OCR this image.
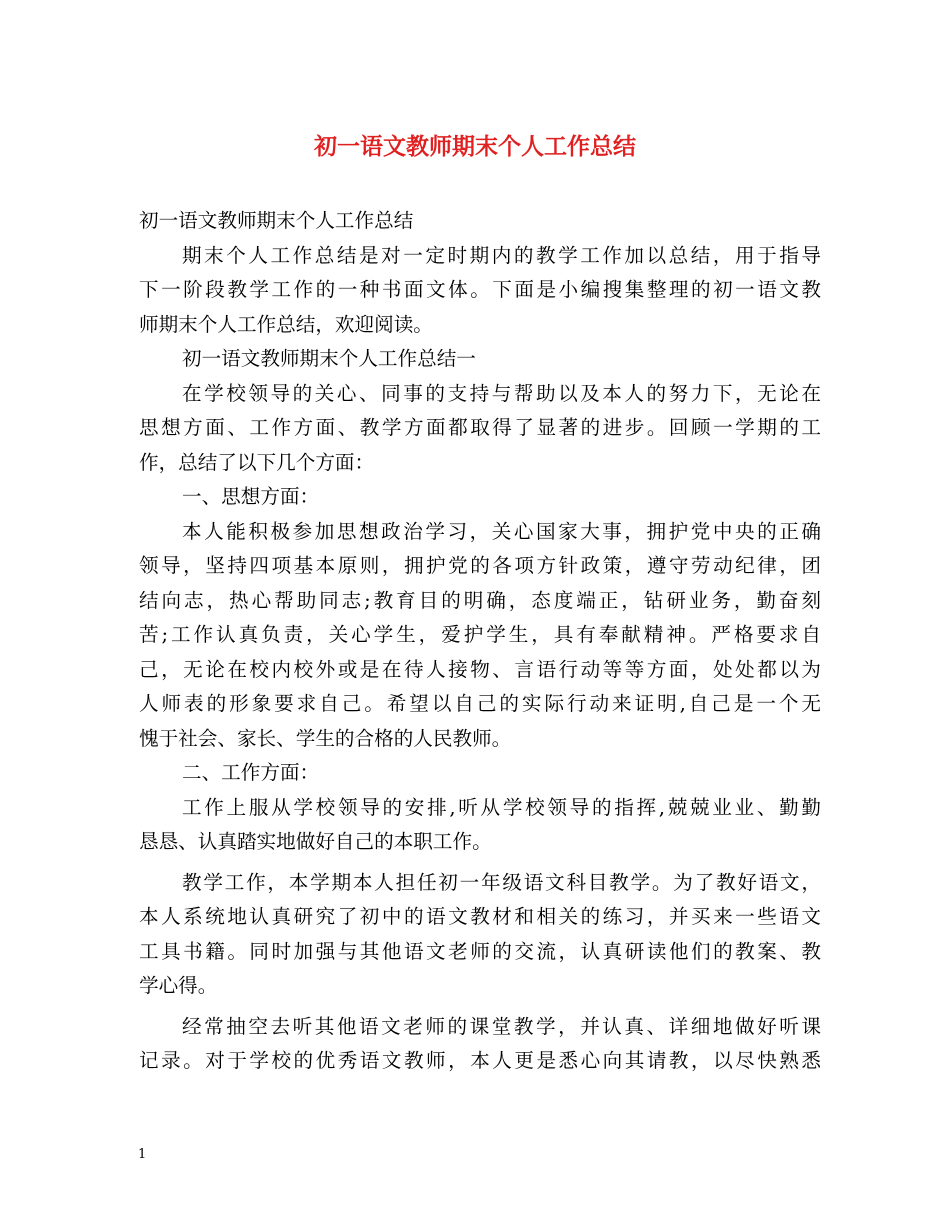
初一语文教师期末个人工作总结
初一语文教师期末个人工作总结
期末个人工作总结是对一定时期内的教学工作加以总结，用于指导
下一阶段教学工作的一种书面文体。下面是小编搜集整理的初一语文教
师期末个人工作总结，欢迎阅读。
初一语文教师期末个人工作总结一
在学校领导的关心、同事的支持与帮助以及本人的努力下，无论在
思想方面、工作方面、教学方面都取得了显著的进步。回顾一学期的工
作，总结了以下几个方面：
一、思想方面：
本人能积极参加思想政治学习，关心国家大事，拥护党中央的正确
领导，坚持四项基本原则，拥护党的各项方针政策，遵守劳动纪律，团
结向志，热心帮助同志;教育目的明确，态度端正，钻研业务，勤奋刻
苦;工作认真负责，关心学生，爱护学生，具有奉献精神。严格要求自
己，无论在校内校外或是在待人接物、言语行动等等方面，处处都以为
人师表的形象要求自己。希望以自己的实际行动来证明,自己是一个无
愧于社会、家长、学生的合格的人民教师。
二、工作方面：
工作上服从学校领导的安排,听从学校领导的指挥,兢兢业业、勤勤
恳恳、认真踏实地做好自己的本职工作。
教学工作，本学期本人担任初一年级语文科目教学。为了教好语文，
本人系统地认真研究了初中的语文教材和相关的练习，并买来一些语文
工具书籍。同时加强与其他语文老师的交流，认真研读他们的教案、教
学心得。
经常抽空去听其他语文老师的课堂教学，并认真、详细地做好听课
记录。对于学校的优秀语文教师，本人更是悉心向其请教，以尽快熟悉
1
